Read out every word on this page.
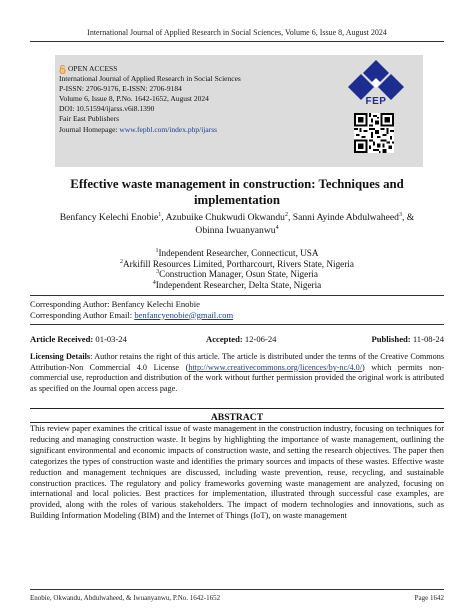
International Journal of Applied Research in Social Sciences, Volume 6, Issue 8, August 2024
OPEN ACCESS
International Journal of Applied Research in Social Sciences
P-ISSN: 2706-9176, E-ISSN: 2706-9184
Volume 6, Issue 8, P.No. 1642-1652, August 2024
DOI: 10.51594/ijarss.v6i8.1390
Fair East Publishers
Journal Homepage: www.fepbl.com/index.php/ijarss
FEP
Effective waste management in construction: Techniques and implementation
Benfancy Kelechi Enobie$^1$, Azubuike Chukwudi Okwandu$^2$, Sanni Ayinde Abdulwaheed$^3$, &
Obinna Iwuanyanwu$^4$
$^1$Independent Researcher, Connecticut, USA
$^2$Arkifill Resources Limited, Portharcourt, Rivers State, Nigeria
$^3$Construction Manager, Osun State, Nigeria
$^4$Independent Researcher, Delta State, Nigeria
Corresponding Author: Benfancy Kelechi Enobie
Corresponding Author Email: benfancyenobie@gmail.com
Article Received: 01-03-24	Accepted: 12-06-24	Published: 11-08-24
Licensing Details: Author retains the right of this article. The article is distributed under the terms of the Creative Commons Attribution-Non Commercial 4.0 License (http://www.creativecommons.org/licences/by-nc/4.0/) which permits non-commercial use, reproduction and distribution of the work without further permission provided the original work is attributed as specified on the Journal open access page.
ABSTRACT
This review paper examines the critical issue of waste management in the construction industry, focusing on techniques for reducing and managing construction waste. It begins by highlighting the importance of waste management, outlining the significant environmental and economic impacts of construction waste, and setting the research objectives. The paper then categorizes the types of construction waste and identifies the primary sources and impacts of these wastes. Effective waste reduction and management techniques are discussed, including waste prevention, reuse, recycling, and sustainable construction practices. The regulatory and policy frameworks governing waste management are analyzed, focusing on international and local policies. Best practices for implementation, illustrated through successful case examples, are provided, along with the roles of various stakeholders. The impact of modern technologies and innovations, such as Building Information Modeling (BIM) and the Internet of Things (IoT), on waste management
Enobie, Okwandu, Abdulwaheed, & Iwuanyanwu, P.No. 1642-1652	Page 1642
